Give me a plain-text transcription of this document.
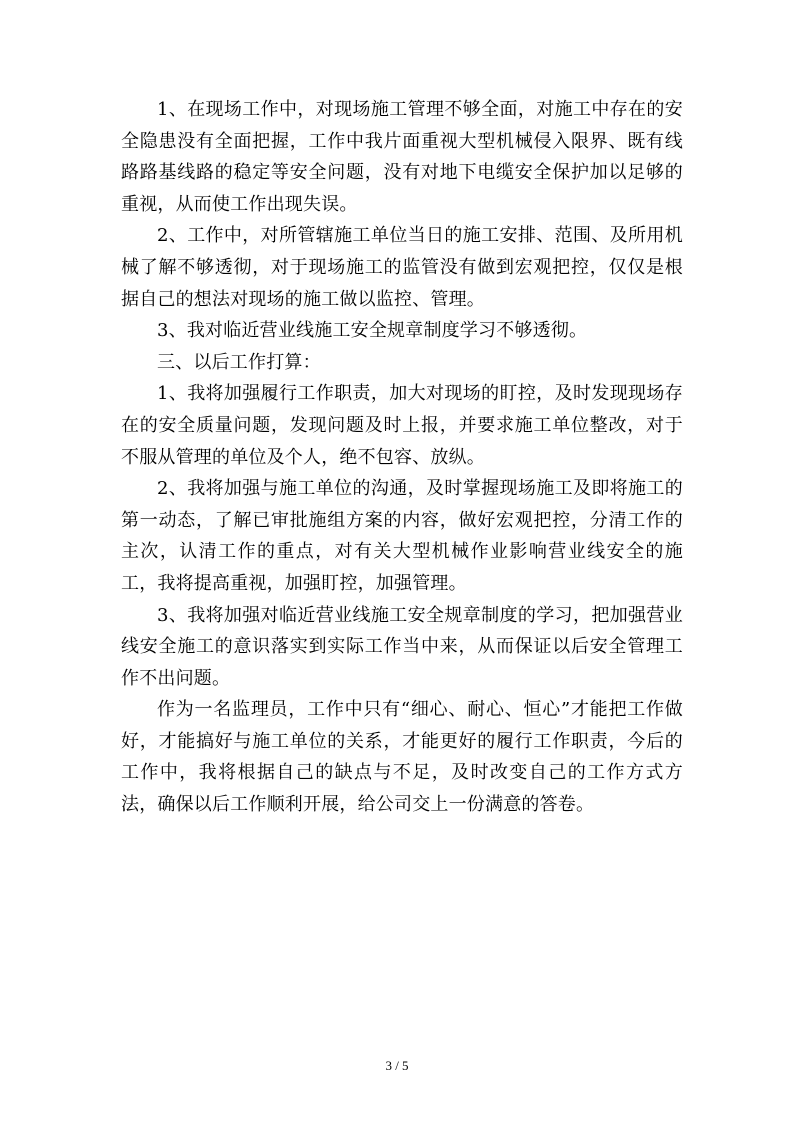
1、在现场工作中，对现场施工管理不够全面，对施工中存在的安全隐患没有全面把握，工作中我片面重视大型机械侵入限界、既有线路路基线路的稳定等安全问题，没有对地下电缆安全保护加以足够的重视，从而使工作出现失误。

2、工作中，对所管辖施工单位当日的施工安排、范围、及所用机械了解不够透彻，对于现场施工的监管没有做到宏观把控，仅仅是根据自己的想法对现场的施工做以监控、管理。

3、我对临近营业线施工安全规章制度学习不够透彻。

三、以后工作打算：

1、我将加强履行工作职责，加大对现场的盯控，及时发现现场存在的安全质量问题，发现问题及时上报，并要求施工单位整改，对于不服从管理的单位及个人，绝不包容、放纵。

2、我将加强与施工单位的沟通，及时掌握现场施工及即将施工的第一动态，了解已审批施组方案的内容，做好宏观把控，分清工作的主次，认清工作的重点，对有关大型机械作业影响营业线安全的施工，我将提高重视，加强盯控，加强管理。

3、我将加强对临近营业线施工安全规章制度的学习，把加强营业线安全施工的意识落实到实际工作当中来，从而保证以后安全管理工作不出问题。

作为一名监理员，工作中只有“细心、耐心、恒心”才能把工作做好，才能搞好与施工单位的关系，才能更好的履行工作职责，今后的工作中，我将根据自己的缺点与不足，及时改变自己的工作方式方法，确保以后工作顺利开展，给公司交上一份满意的答卷。

3 / 5
